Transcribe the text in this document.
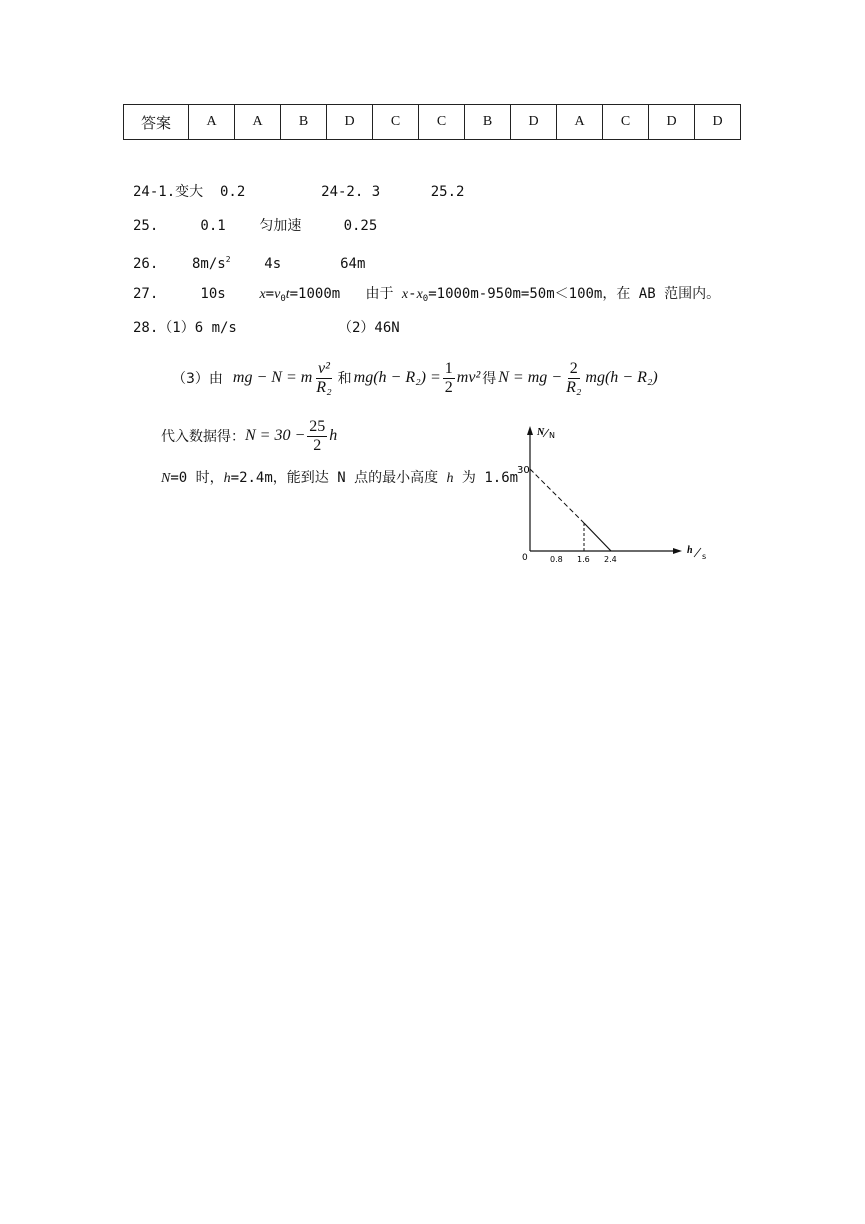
答案	A	A	B	D	C	C	B	D	A	C	D	D
24-1.变大  0.2         24-2. 3      25.2
25.     0.1    匀加速     0.25
26.    $8m/s^2$    4s       64m
27.     10s    $x=v_0t=1000m$   由于 $x-x_0=1000m-950m=50m<100m$，在 AB 范围内。
28.（1）6 m/s            （2）46N
（3）由 mg − N = m $\frac{\text{v²}}{\text{R₂}}$ 和 $mg(h - R_2) = \frac{1}{2} mv^2$ 得 N = mg − $\frac{2}{\text{R₂}} mg(h - R_2)$
代入数据得： $N = 30 - \frac{25}{2}$ h
N=0 时，h=2.4m，能到达 N 点的最小高度 h 为 1.6m
30
0	0.8 1.6 2.4
N N
h
s
